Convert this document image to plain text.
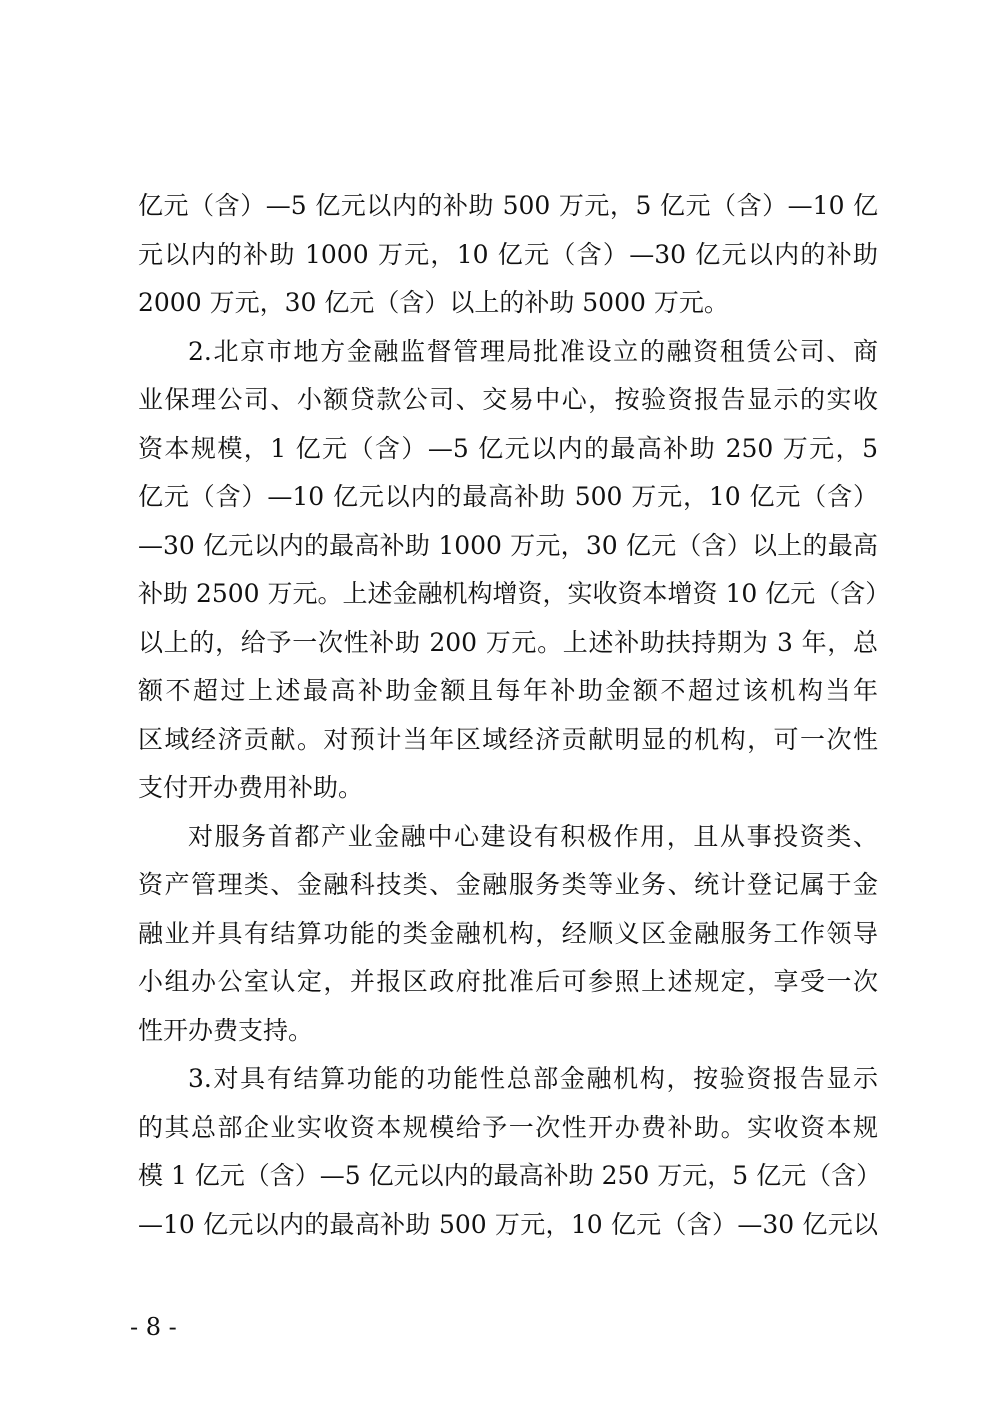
亿元（含）—5 亿元以内的补助 500 万元，5 亿元（含）—10 亿
元以内的补助 1000 万元，10 亿元（含）—30 亿元以内的补助
2000 万元，30 亿元（含）以上的补助 5000 万元。
2.北京市地方金融监督管理局批准设立的融资租赁公司、商
业保理公司、小额贷款公司、交易中心，按验资报告显示的实收
资本规模，1 亿元（含）—5 亿元以内的最高补助 250 万元，5
亿元（含）—10 亿元以内的最高补助 500 万元，10 亿元（含）
—30 亿元以内的最高补助 1000 万元，30 亿元（含）以上的最高
补助 2500 万元。上述金融机构增资，实收资本增资 10 亿元（含）
以上的，给予一次性补助 200 万元。上述补助扶持期为 3 年，总
额不超过上述最高补助金额且每年补助金额不超过该机构当年
区域经济贡献。对预计当年区域经济贡献明显的机构，可一次性
支付开办费用补助。
对服务首都产业金融中心建设有积极作用，且从事投资类、
资产管理类、金融科技类、金融服务类等业务、统计登记属于金
融业并具有结算功能的类金融机构，经顺义区金融服务工作领导
小组办公室认定，并报区政府批准后可参照上述规定，享受一次
性开办费支持。
3.对具有结算功能的功能性总部金融机构，按验资报告显示
的其总部企业实收资本规模给予一次性开办费补助。实收资本规
模 1 亿元（含）—5 亿元以内的最高补助 250 万元，5 亿元（含）
—10 亿元以内的最高补助 500 万元，10 亿元（含）—30 亿元以
- 8 -
